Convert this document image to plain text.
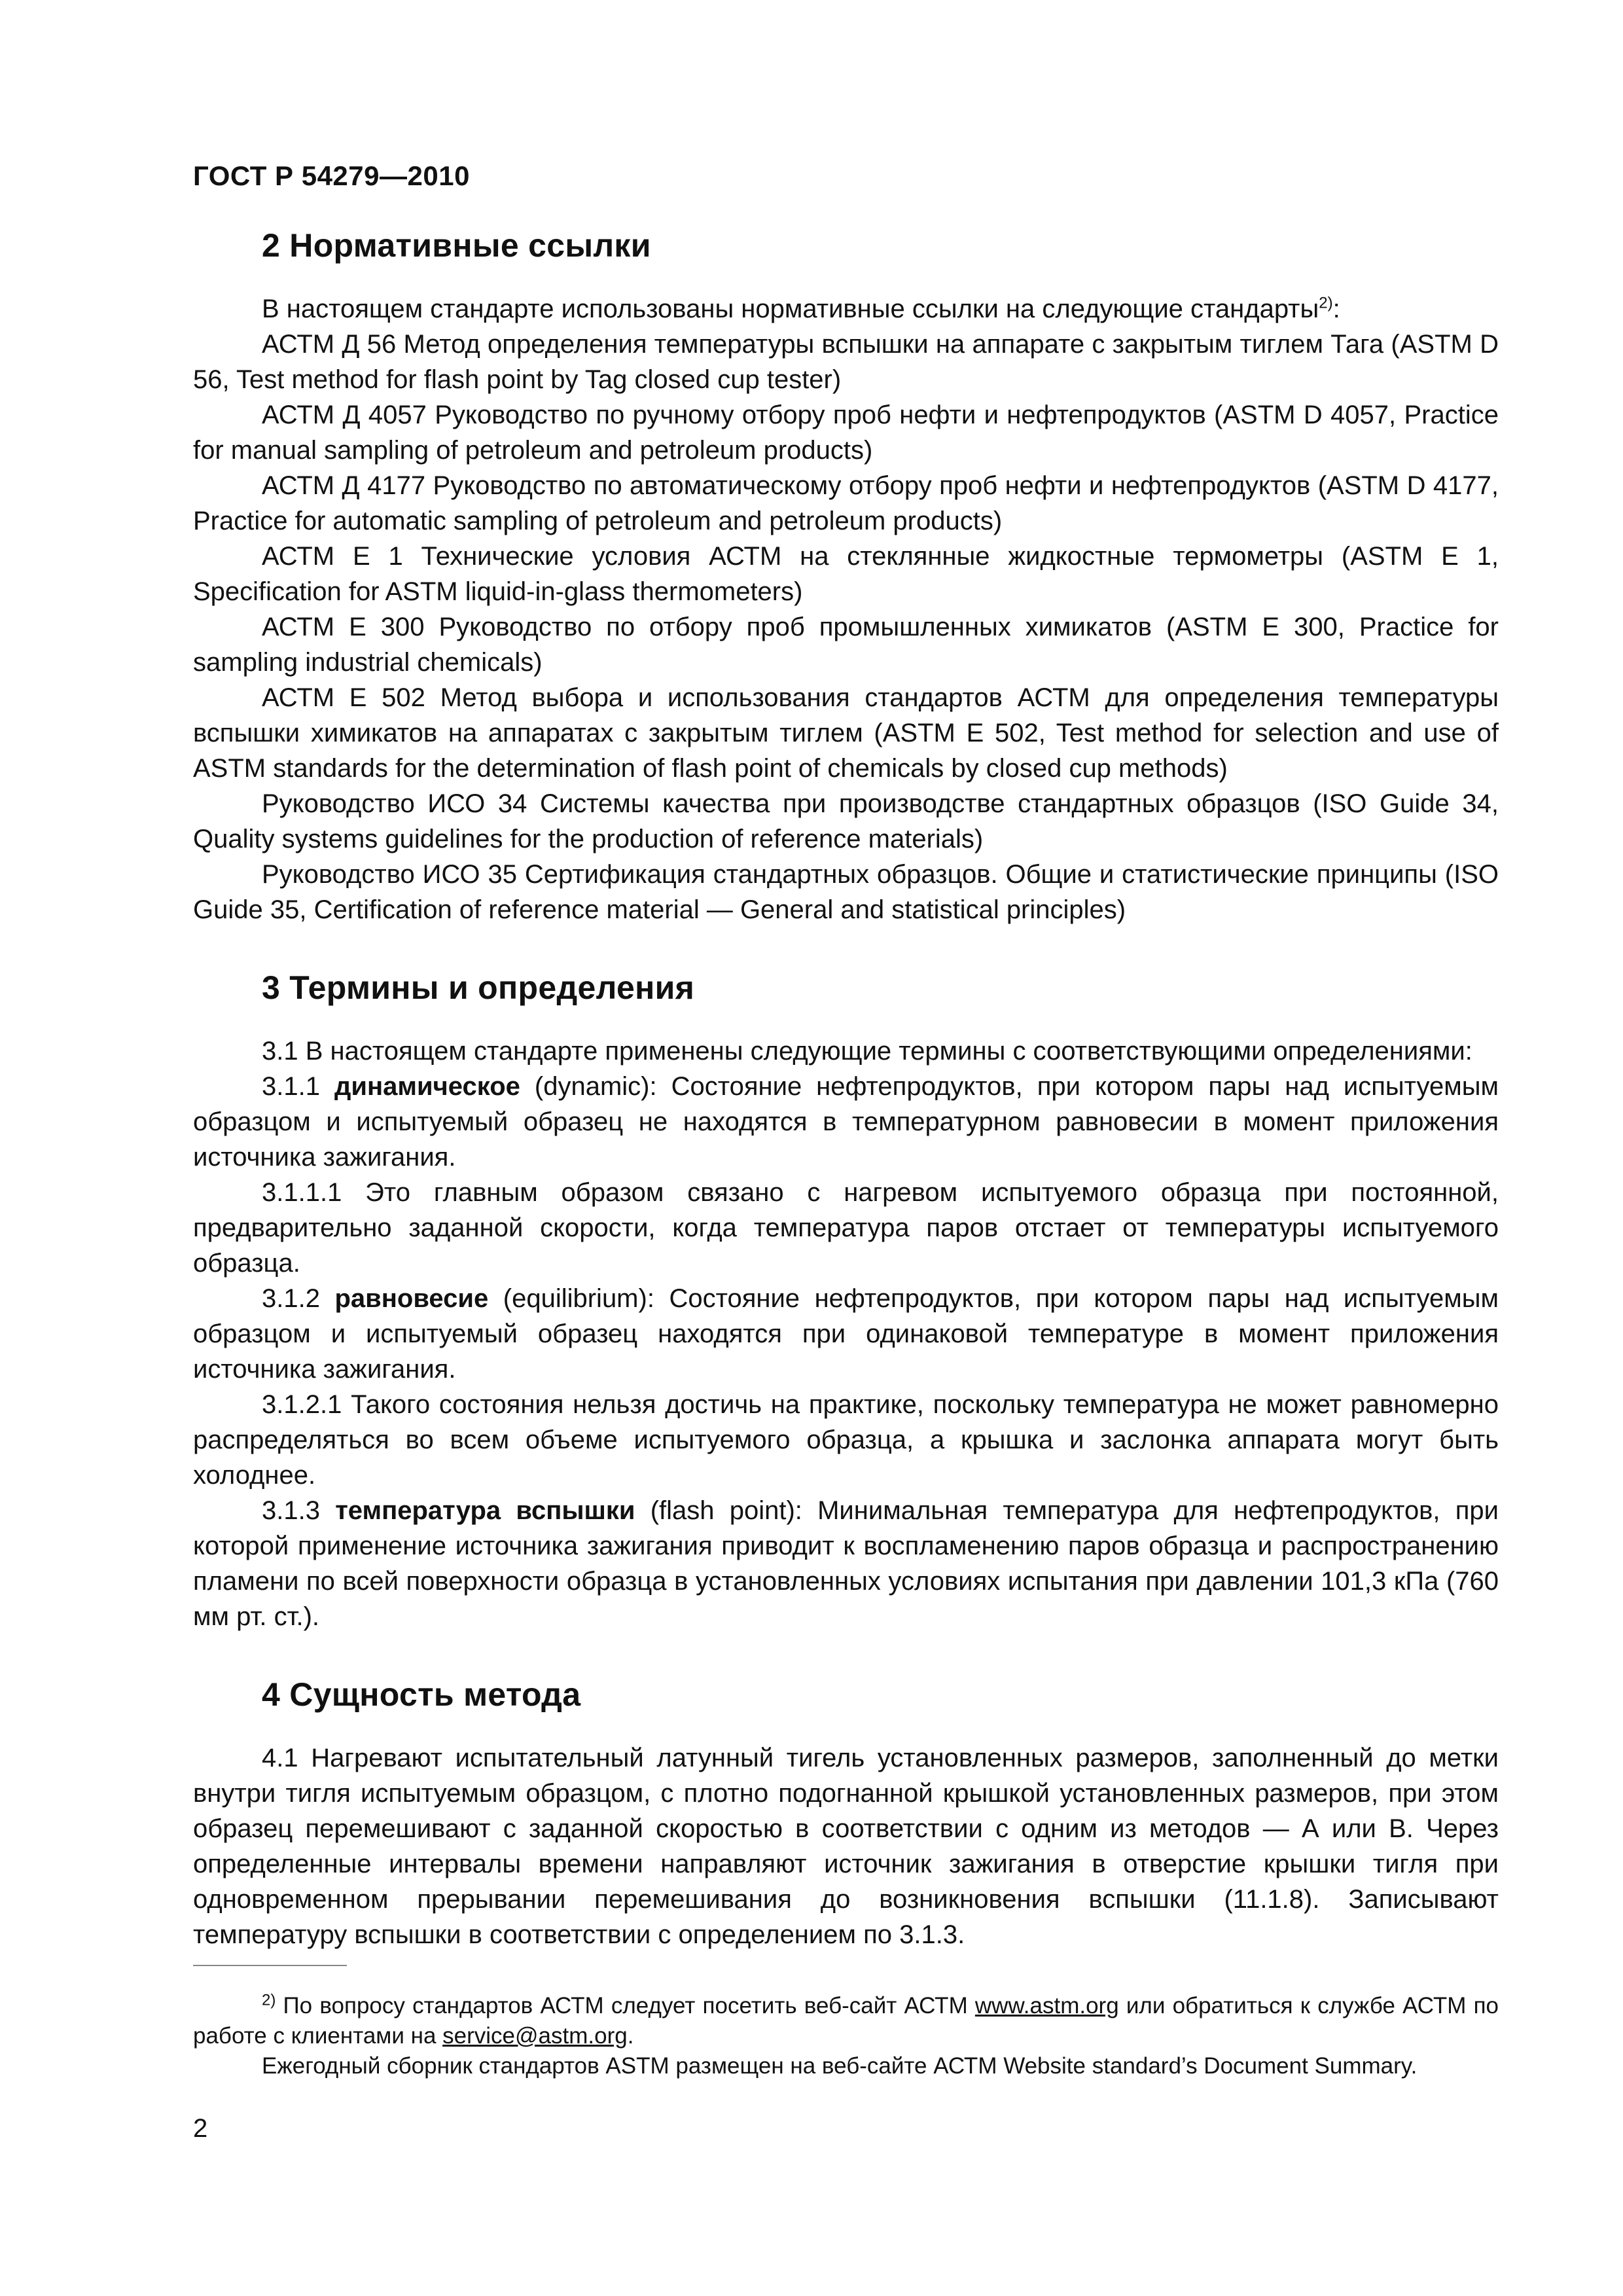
ГОСТ Р 54279—2010
2 Нормативные ссылки

В настоящем стандарте использованы нормативные ссылки на следующие стандарты$^{2)}$:

АСТМ Д 56 Метод определения температуры вспышки на аппарате с закрытым тиглем Тага (ASTM D 56, Test method for flash point by Tag closed cup tester)

АСТМ Д 4057 Руководство по ручному отбору проб нефти и нефтепродуктов (ASTM D 4057, Practice for manual sampling of petroleum and petroleum products)

АСТМ Д 4177 Руководство по автоматическому отбору проб нефти и нефтепродуктов (ASTM D 4177, Practice for automatic sampling of petroleum and petroleum products)

АСТМ Е 1 Технические условия АСТМ на стеклянные жидкостные термометры (ASTM E 1, Specification for ASTM liquid-in-glass thermometers)

АСТМ Е 300 Руководство по отбору проб промышленных химикатов (ASTM E 300, Practice for sampling industrial chemicals)

АСТМ Е 502 Метод выбора и использования стандартов АСТМ для определения температуры вспышки химикатов на аппаратах с закрытым тиглем (ASTM E 502, Test method for selection and use of ASTM standards for the determination of flash point of chemicals by closed cup methods)

Руководство ИСО 34 Системы качества при производстве стандартных образцов (ISO Guide 34, Quality systems guidelines for the production of reference materials)

Руководство ИСО 35 Сертификация стандартных образцов. Общие и статистические принципы (ISO Guide 35, Certification of reference material — General and statistical principles)

3 Термины и определения

3.1 В настоящем стандарте применены следующие термины с соответствующими определениями:

3.1.1 динамическое (dynamic): Состояние нефтепродуктов, при котором пары над испытуемым образцом и испытуемый образец не находятся в температурном равновесии в момент приложения источника зажигания.

3.1.1.1 Это главным образом связано с нагревом испытуемого образца при постоянной, предварительно заданной скорости, когда температура паров отстает от температуры испытуемого образца.

3.1.2 равновесие (equilibrium): Состояние нефтепродуктов, при котором пары над испытуемым образцом и испытуемый образец находятся при одинаковой температуре в момент приложения источника зажигания.

3.1.2.1 Такого состояния нельзя достичь на практике, поскольку температура не может равномерно распределяться во всем объеме испытуемого образца, а крышка и заслонка аппарата могут быть холоднее.

3.1.3 температура вспышки (flash point): Минимальная температура для нефтепродуктов, при которой применение источника зажигания приводит к воспламенению паров образца и распространению пламени по всей поверхности образца в установленных условиях испытания при давлении 101,3 кПа (760 мм рт. ст.).

4 Сущность метода

4.1 Нагревают испытательный латунный тигель установленных размеров, заполненный до метки внутри тигля испытуемым образцом, с плотно подогнанной крышкой установленных размеров, при этом образец перемешивают с заданной скоростью в соответствии с одним из методов — А или В. Через определенные интервалы времени направляют источник зажигания в отверстие крышки тигля при одновременном прерывании перемешивания до возникновения вспышки (11.1.8). Записывают температуру вспышки в соответствии с определением по 3.1.3.

$^{2)}$ По вопросу стандартов АСТМ следует посетить веб-сайт АСТМ www.astm.org или обратиться к службе АСТМ по работе с клиентами на service@astm.org.

Ежегодный сборник стандартов ASTM размещен на веб-сайте АСТМ Website standard’s Document Summary.

2
